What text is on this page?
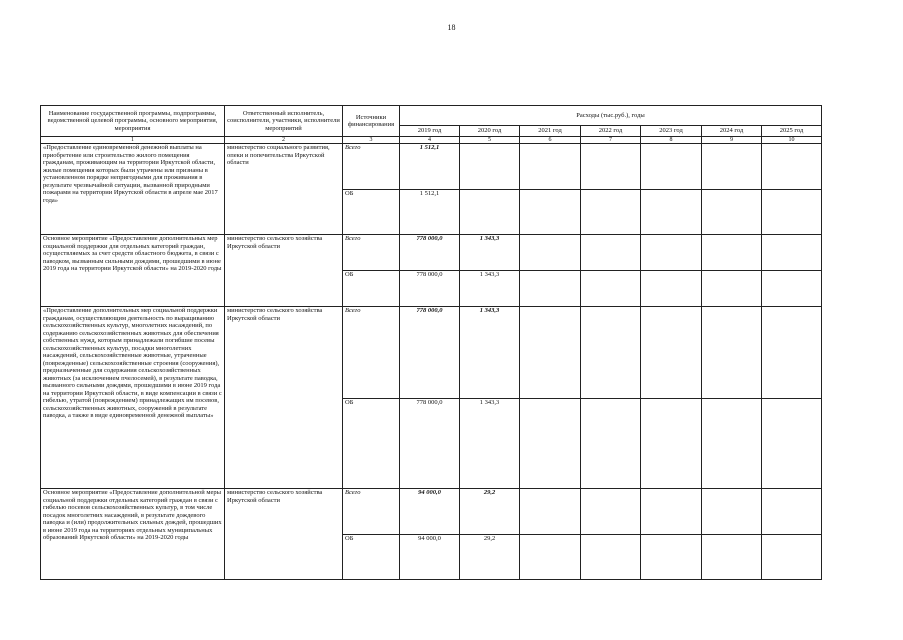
18
Наименование государственной программы, подпрограммы, ведомственной целевой программы, основного мероприятия, мероприятия	Ответственный исполнитель, соисполнители, участники, исполнители мероприятий	Источники финансирования	Расходы (тыс.руб.), годы						
			2019 год	2020 год	2021 год	2022 год	2023 год	2024 год	2025 год
1	2	3	4	5	6	7	8	9	10
«Предоставление единовременной денежной выплаты на приобретение или строительство жилого помещения гражданам, проживающим на территории Иркутской области, жилые помещения которых были утрачены или признаны в установленном порядке непригодными для проживания в результате чрезвычайной ситуации, вызванной природными пожарами на территории Иркутской области в апреле мае 2017 года»	министерство социального развития, опеки и попечительства Иркутской области	Всего	1 512,1						
		ОБ	1 512,1						
Основное мероприятие «Предоставление дополнительных мер социальной поддержки для отдельных категорий граждан, осуществляемых за счет средств областного бюджета, в связи с паводком, вызванным сильными дождями, прошедшими в июне 2019 года на территории Иркутской области» на 2019-2020 годы	министерство сельского хозяйства Иркутской области	Всего	778 000,0	1 343,3					
		ОБ	778 000,0	1 343,3					

«Предоставление дополнительных мер социальной поддержки гражданам, осуществляющим деятельность по выращиванию сельскохозяйственных культур, многолетних насаждений, по содержанию сельскохозяйственных животных для обеспечения собственных нужд, которым принадлежали погибшие посевы сельскохозяйственных культур, посадки многолетних насаждений, сельскохозяйственные животные, утраченные (поврежденные) сельскохозяйственные строения (сооружения), предназначенные для содержания сельскохозяйственных животных (за исключением пчелосемей), в результате паводка, вызванного сильными дождями, прошедшими в июне 2019 года на территории Иркутской области, в виде компенсации в связи с гибелью, утратой (повреждением) принадлежащих им посевов, сельскохозяйственных животных, сооружений в результате паводка, а также в виде единовременной денежной выплаты»	министерство сельского хозяйства Иркутской области	Всего	778 000,0	1 343,3					
		ОБ	778 000,0	1 343,3					
Основное мероприятие «Предоставление дополнительной меры социальной поддержки отдельных категорий граждан в связи с гибелью посевов сельскохозяйственных культур, в том числе посадок многолетних насаждений, в результате дождевого паводка и (или) продолжительных сильных дождей, прошедших в июне 2019 года на территориях отдельных муниципальных образований Иркутской области» на 2019-2020 годы	министерство сельского хозяйства Иркутской области	Всего	94 000,0	29,2					
		ОБ	94 000,0	29,2					
